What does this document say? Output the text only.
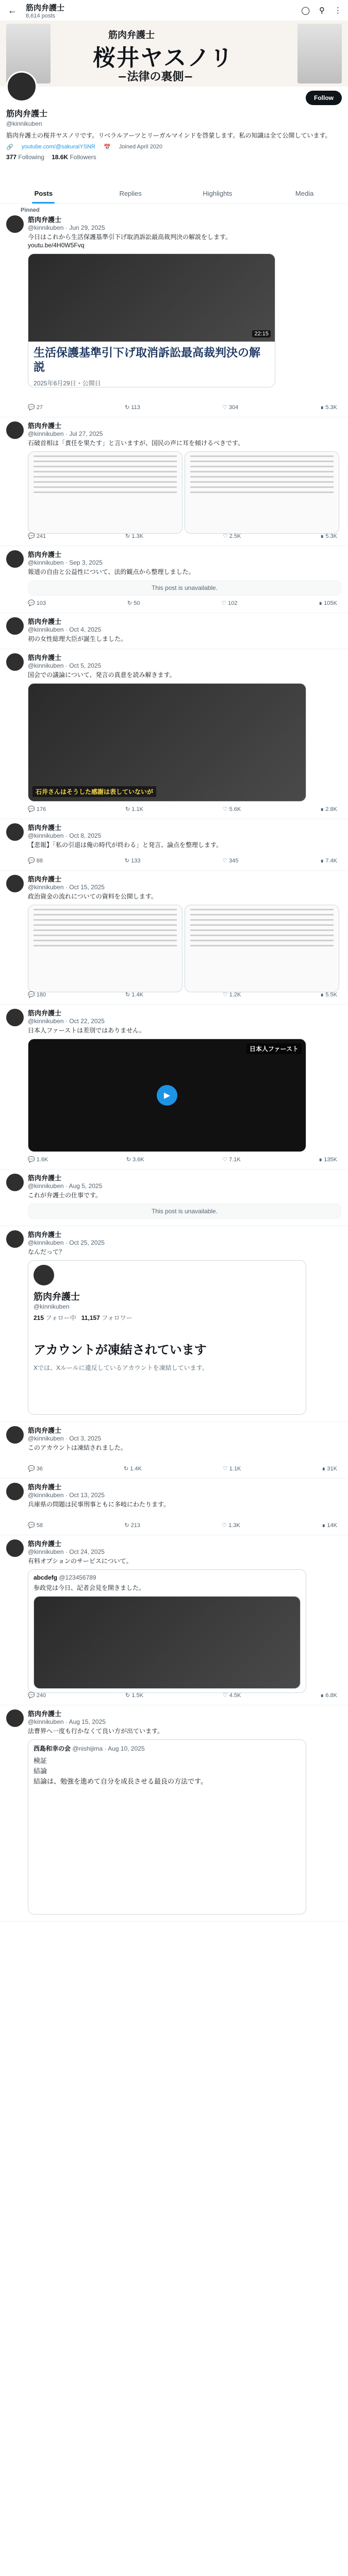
← 筋肉弁護士
8,614 posts
◯ ⚲ ⋮
筋肉弁護士
桜井ヤスノリ
−法律の裏側−
Follow
筋肉弁護士
@kinnikuben
筋肉弁護士の桜井ヤスノリです。リベラルアーツとリーガルマインドを啓蒙します。私の知識は全て公開しています。
🔗 youtube.com/@sakuraiYSNR 📅 Joined April 2020
377 Following 18.6K Followers
Posts	Replies	Highlights	Media
Pinned
筋肉弁護士
@kinnikuben · Jun 29, 2025
今日はこれから生活保護基準引下げ取消訴訟最高裁判決の解説をします。
youtu.be/4H0W5Fvq
22:15
生活保護基準引下げ取消訴訟最高裁判決の解説
2025年6月29日・公開日
💬 27	↻ 113	♡ 304	∎ 5.3K
筋肉弁護士
@kinnikuben · Jul 27, 2025
石破首相は「責任を果たす」と言いますが、国民の声に耳を傾けるべきです。
💬 241	↻ 1.3K	♡ 2.5K	∎ 5.3K
筋肉弁護士
@kinnikuben · Sep 3, 2025
報道の自由と公益性について、法的観点から整理しました。
This post is unavailable.
💬 103	↻ 50	♡ 102	∎ 105K
筋肉弁護士
@kinnikuben · Oct 4, 2025
初の女性総理大臣が誕生しました。
筋肉弁護士
@kinnikuben · Oct 5, 2025
国会での議論について、発言の真意を読み解きます。
石井さんはそうした感謝は表していないが
💬 176	↻ 1.1K	♡ 5.6K	∎ 2.8K
筋肉弁護士
@kinnikuben · Oct 8, 2025
【悲報】「私の引退は俺の時代が終わる」と発言、論点を整理します。
💬 88	↻ 133	♡ 345	∎ 7.4K
筋肉弁護士
@kinnikuben · Oct 15, 2025
政治資金の流れについての資料を公開します。
💬 180	↻ 1.4K	♡ 1.2K	∎ 5.5K
筋肉弁護士
@kinnikuben · Oct 22, 2025
日本人ファーストは差別ではありません。
日本人ファースト
▶
💬 1.6K	↻ 3.6K	♡ 7.1K	∎ 135K
筋肉弁護士
@kinnikuben · Aug 5, 2025
これが弁護士の仕事です。
This post is unavailable.
筋肉弁護士
@kinnikuben · Oct 25, 2025
なんだって？
筋肉弁護士
@kinnikuben
215 フォロー中 11,157 フォロワー
アカウントが凍結されています
Xでは、Xルールに違反しているアカウントを凍結しています。
筋肉弁護士
@kinnikuben · Oct 3, 2025
このアカウントは凍結されました。
💬 36	↻ 1.4K	♡ 1.1K	∎ 31K
筋肉弁護士
@kinnikuben · Oct 13, 2025
兵庫県の問題は民事刑事ともに多岐にわたります。
💬 58	↻ 213	♡ 1.3K	∎ 14K
筋肉弁護士
@kinnikuben · Oct 24, 2025
有料オプションのサービスについて。
abcdefg @123456789
参政党は今日、記者会見を開きました。
💬 240	↻ 1.5K	♡ 4.5K	∎ 6.8K
筋肉弁護士
@kinnikuben · Aug 15, 2025
法曹界へ一度も行かなくて良い方が出ています。
西島和幸の会 @nishijima · Aug 10, 2025
検証
結論
結論は、勉強を進めて自分を成長させる最良の方法です。
